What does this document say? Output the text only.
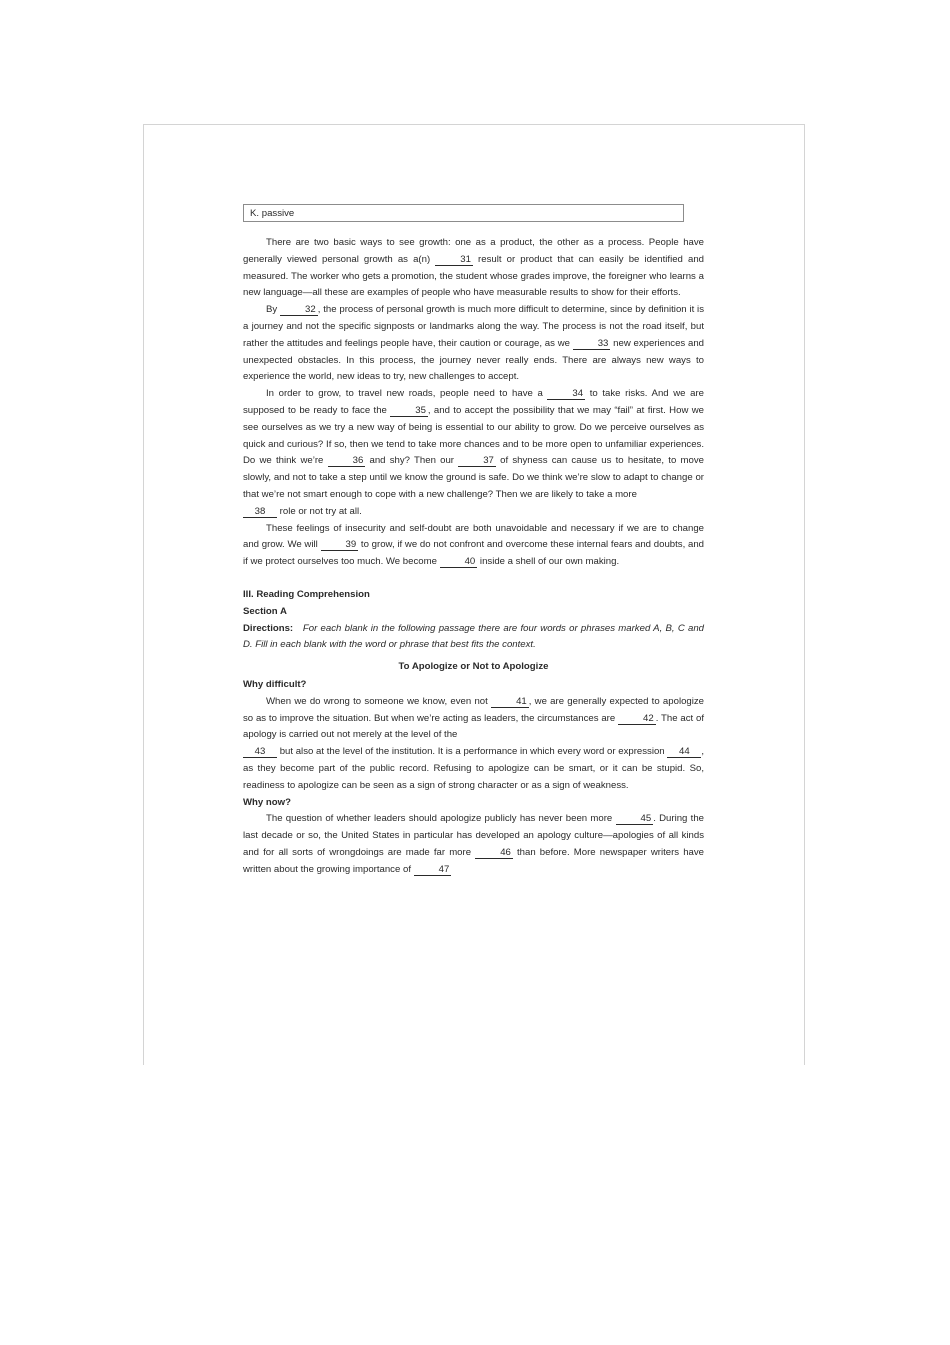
K. passive

There are two basic ways to see growth: one as a product, the other as a process. People have generally viewed personal growth as a(n)	31 result or product that can easily be identified and measured. The worker who gets a promotion, the student whose grades improve, the foreigner who learns a new language—all these are examples of people who have measurable results to show for their efforts.

By	32 , the process of personal growth is much more difficult to determine, since by definition it is a journey and not the specific signposts or landmarks along the way. The process is not the road itself, but rather the attitudes and feelings people have, their caution or courage, as we	33 new experiences and unexpected obstacles. In this process, the journey never really ends. There are always new ways to experience the world, new ideas to try, new challenges to accept.

In order to grow, to travel new roads, people need to have a	34 to take risks. And we are supposed to be ready to face the	35 , and to accept the possibility that we may “fail” at first. How we see ourselves as we try a new way of being is essential to our ability to grow. Do we perceive ourselves as quick and curious? If so, then we tend to take more chances and to be more open to unfamiliar experiences. Do we think we’re	36 and shy? Then our	37 of shyness can cause us to hesitate, to move slowly, and not to take a step until we know the ground is safe. Do we think we’re slow to adapt to change or that we’re not smart enough to cope with a new challenge? Then we are likely to take a more

38 role or not try at all.

These feelings of insecurity and self-doubt are both unavoidable and necessary if we are to change and grow. We will	39 to grow, if we do not confront and overcome these internal fears and doubts, and if we protect ourselves too much. We become	40 inside a shell of our own making.

III. Reading Comprehension
Section A

Directions: For each blank in the following passage there are four words or phrases marked A, B, C and D. Fill in each blank with the word or phrase that best fits the context.

To Apologize or Not to Apologize
Why difficult?

When we do wrong to someone we know, even not	41 , we are generally expected to apologize so as to improve the situation. But when we’re acting as leaders, the circumstances are	42 . The act of apology is carried out not merely at the level of the

43 but also at the level of the institution. It is a performance in which every word or expression 44 , as they become part of the public record. Refusing to apologize can be smart, or it can be stupid. So, readiness to apologize can be seen as a sign of strong character or as a sign of weakness.

Why now?

The question of whether leaders should apologize publicly has never been more	45 . During the last decade or so, the United States in particular has developed an apology culture—apologies of all kinds and for all sorts of wrongdoings are made far more	46 than before. More newspaper writers have written about the growing importance of	47
